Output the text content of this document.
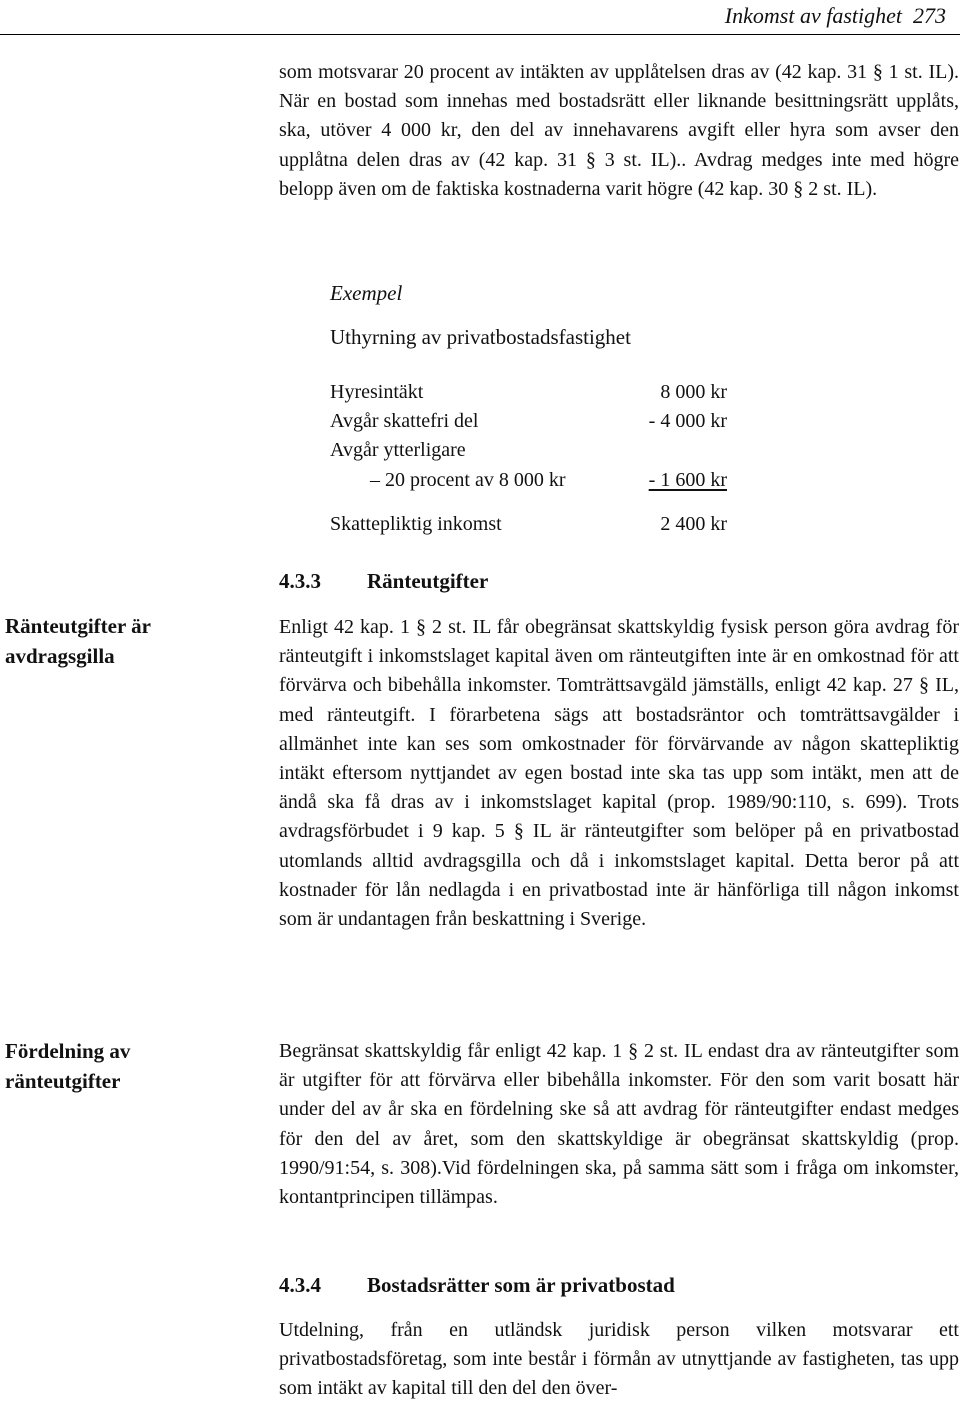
Inkomst av fastighet 273

som motsvarar 20 procent av intäkten av upplåtelsen dras av (42 kap. 31 § 1 st. IL). När en bostad som innehas med bostadsrätt eller liknande besittningsrätt upplåts, ska, utöver 4 000 kr, den del av innehavarens avgift eller hyra som avser den upplåtna delen dras av (42 kap. 31 § 3 st. IL).. Avdrag medges inte med högre belopp även om de faktiska kostnaderna varit högre (42 kap. 30 § 2 st. IL).

Exempel
Uthyrning av privatbostadsfastighet
Hyresintäkt	8 000 kr
Avgår skattefri del	- 4 000 kr
Avgår ytterligare
– 20 procent av 8 000 kr	- 1 600 kr
Skattepliktig inkomst	2 400 kr
4.3.3 Ränteutgifter

Ränteutgifter är avdragsgilla

Enligt 42 kap. 1 § 2 st. IL får obegränsat skattskyldig fysisk person göra avdrag för ränteutgift i inkomstslaget kapital även om ränteutgiften inte är en omkostnad för att förvärva och bibehålla inkomster. Tomträttsavgäld jämställs, enligt 42 kap. 27 § IL, med ränteutgift. I förarbetena sägs att bostadsräntor och tomträttsavgälder i allmänhet inte kan ses som omkostnader för förvärvande av någon skattepliktig intäkt eftersom nyttjandet av egen bostad inte ska tas upp som intäkt, men att de ändå ska få dras av i inkomstslaget kapital (prop. 1989/90:110, s. 699). Trots avdragsförbudet i 9 kap. 5 § IL är ränteutgifter som belöper på en privatbostad utomlands alltid avdragsgilla och då i inkomstslaget kapital. Detta beror på att kostnader för lån nedlagda i en privatbostad inte är hänförliga till någon inkomst som är undantagen från beskattning i Sverige.

Fördelning av ränteutgifter

Begränsat skattskyldig får enligt 42 kap. 1 § 2 st. IL endast dra av ränteutgifter som är utgifter för att förvärva eller bibehålla inkomster. För den som varit bosatt här under del av år ska en fördelning ske så att avdrag för ränteutgifter endast medges för den del av året, som den skattskyldige är obegränsat skattskyldig (prop. 1990/91:54, s. 308).Vid fördelningen ska, på samma sätt som i fråga om inkomster, kontantprincipen tillämpas.

4.3.4 Bostadsrätter som är privatbostad

Utdelning, från en utländsk juridisk person vilken motsvarar ett privatbostadsföretag, som inte består i förmån av utnyttjande av fastigheten, tas upp som intäkt av kapital till den del den över-
